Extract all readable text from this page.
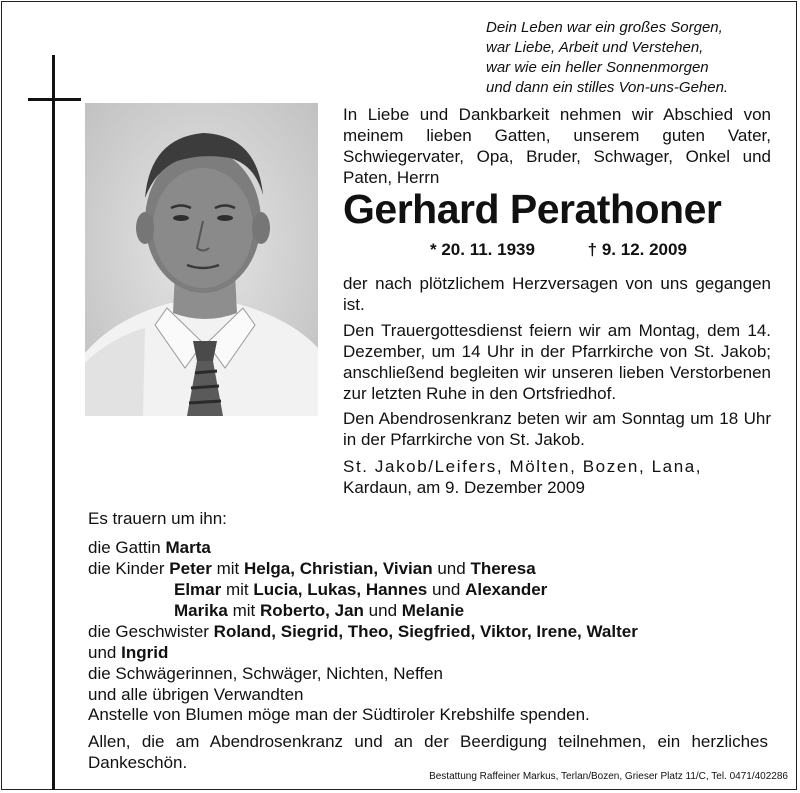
Dein Leben war ein großes Sorgen,
war Liebe, Arbeit und Verstehen,
war wie ein heller Sonnenmorgen
und dann ein stilles Von-uns-Gehen.
In Liebe und Dankbarkeit nehmen wir Abschied von meinem lieben Gatten, unserem guten Vater, Schwiegervater, Opa, Bruder, Schwager, Onkel und Paten, Herrn
Gerhard Perathoner
* 20. 11. 1939	† 9. 12. 2009
der nach plötzlichem Herzversagen von uns gegangen ist.
Den Trauergottesdienst feiern wir am Montag, dem 14. Dezember, um 14 Uhr in der Pfarrkirche von St. Jakob; anschließend begleiten wir unseren lieben Verstorbenen zur letzten Ruhe in den Ortsfriedhof.
Den Abendrosenkranz beten wir am Sonntag um 18 Uhr in der Pfarrkirche von St. Jakob.
St. Jakob/Leifers, Mölten, Bozen, Lana,
Kardaun, am 9. Dezember 2009
Es trauern um ihn:
die Gattin Marta
die Kinder Peter mit Helga, Christian, Vivian und Theresa
Elmar mit Lucia, Lukas, Hannes und Alexander
Marika mit Roberto, Jan und Melanie
die Geschwister Roland, Siegrid, Theo, Siegfried, Viktor, Irene, Walter
und Ingrid
die Schwägerinnen, Schwäger, Nichten, Neffen
und alle übrigen Verwandten
Anstelle von Blumen möge man der Südtiroler Krebshilfe spenden.
Allen, die am Abendrosenkranz und an der Beerdigung teilnehmen, ein herzliches Dankeschön.
Bestattung Raffeiner Markus, Terlan/Bozen, Grieser Platz 11/C, Tel. 0471/402286
